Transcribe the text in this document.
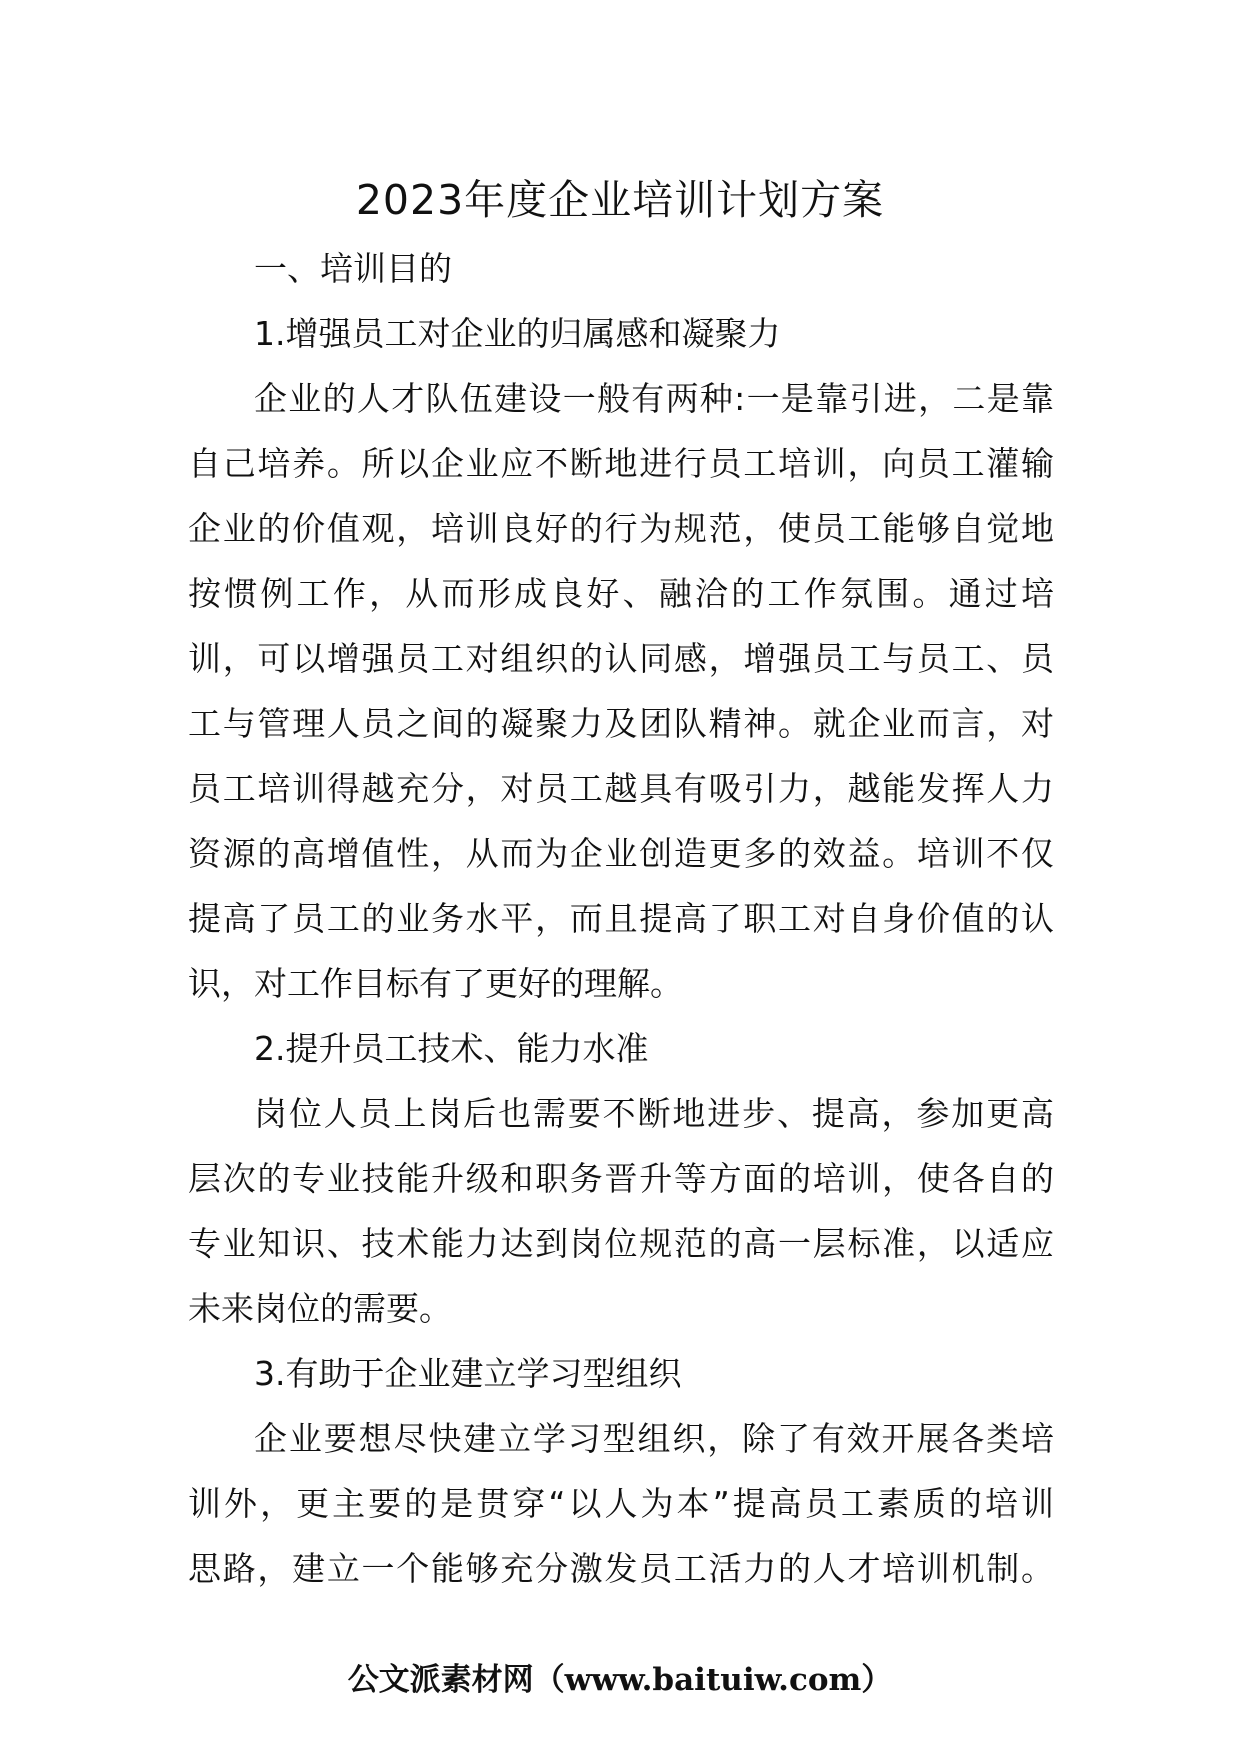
2023年度企业培训计划方案
一、培训目的
1.增强员工对企业的归属感和凝聚力
企业的人才队伍建设一般有两种:一是靠引进，二是靠
自己培养。所以企业应不断地进行员工培训，向员工灌输
企业的价值观，培训良好的行为规范，使员工能够自觉地
按惯例工作，从而形成良好、融洽的工作氛围。通过培
训，可以增强员工对组织的认同感，增强员工与员工、员
工与管理人员之间的凝聚力及团队精神。就企业而言，对
员工培训得越充分，对员工越具有吸引力，越能发挥人力
资源的高增值性，从而为企业创造更多的效益。培训不仅
提高了员工的业务水平，而且提高了职工对自身价值的认
识，对工作目标有了更好的理解。
2.提升员工技术、能力水准
岗位人员上岗后也需要不断地进步、提高，参加更高
层次的专业技能升级和职务晋升等方面的培训，使各自的
专业知识、技术能力达到岗位规范的高一层标准，以适应
未来岗位的需要。
3.有助于企业建立学习型组织
企业要想尽快建立学习型组织，除了有效开展各类培
训外，更主要的是贯穿“以人为本”提高员工素质的培训
思路，建立一个能够充分激发员工活力的人才培训机制。
公文派素材网（www.baituiw.com）
